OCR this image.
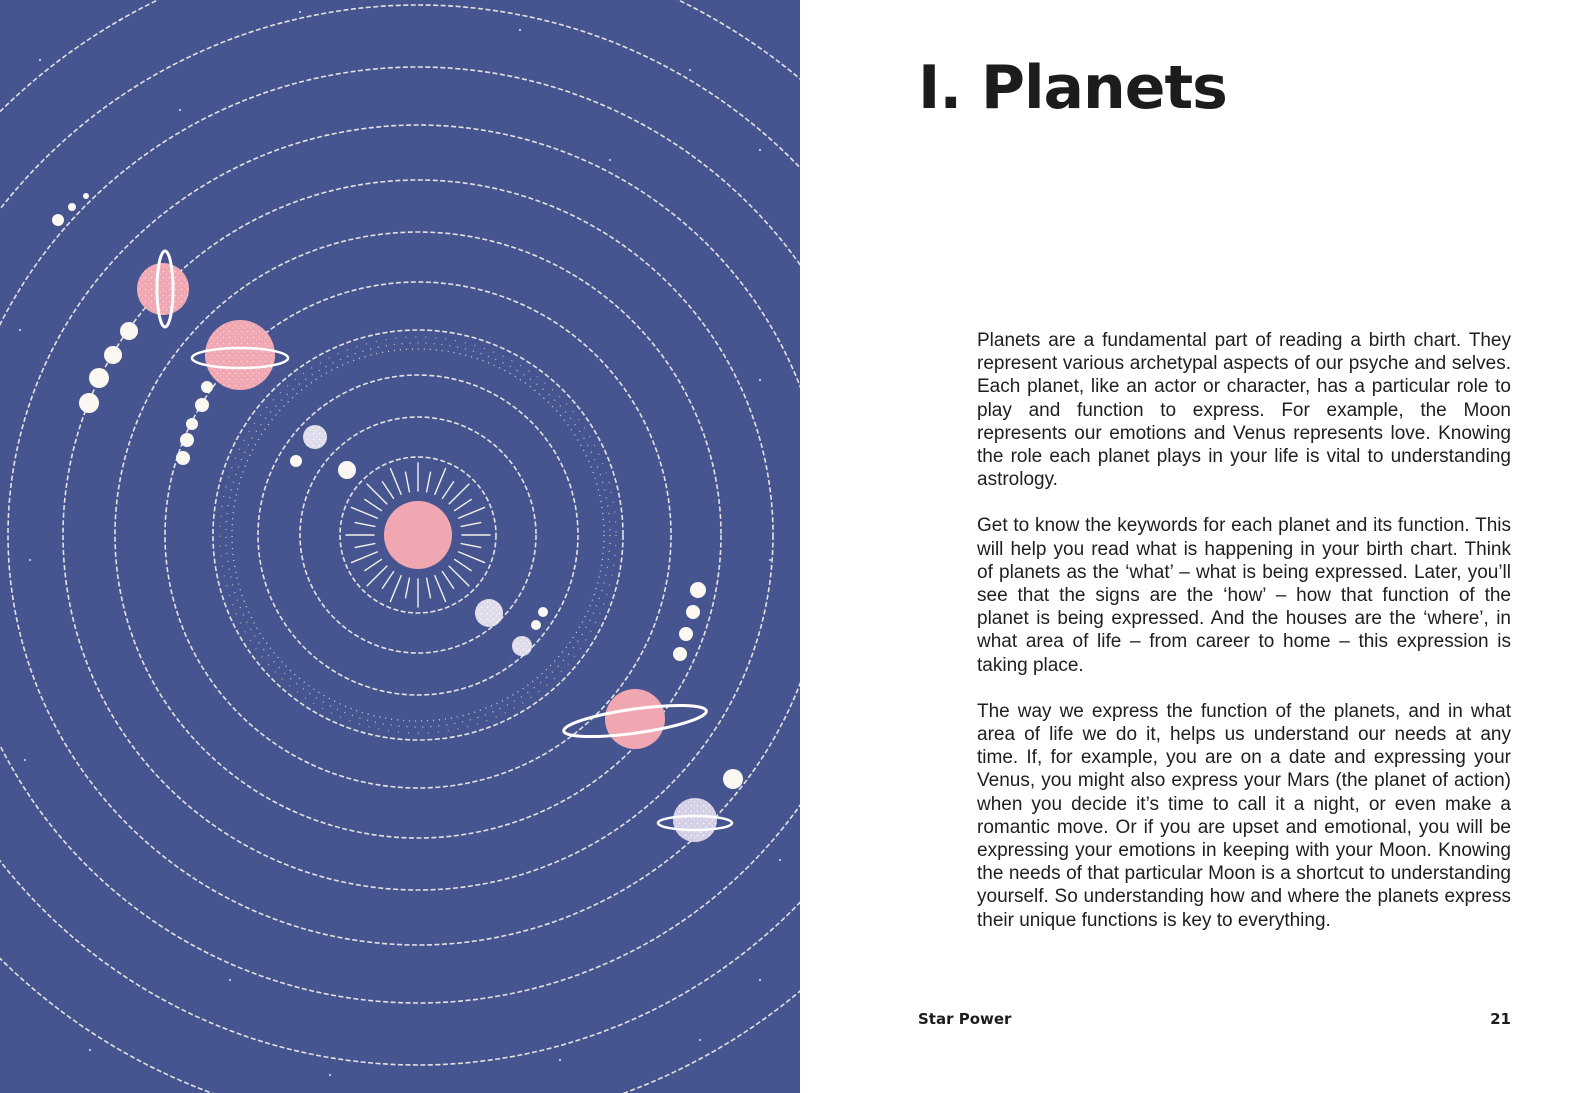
I. Planets

Planets are a fundamental part of reading a birth chart. They represent various archetypal aspects of our psyche and selves. Each planet, like an actor or character, has a particular role to play and function to express. For example, the Moon represents our emotions and Venus represents love. Knowing the role each planet plays in your life is vital to understanding astrology.

Get to know the keywords for each planet and its function. This will help you read what is happening in your birth chart. Think of planets as the ‘what’ – what is being expressed. Later, you’ll see that the signs are the ‘how’ – how that function of the planet is being expressed. And the houses are the ‘where’, in what area of life – from career to home – this expression is taking place.

The way we express the function of the planets, and in what area of life we do it, helps us understand our needs at any time. If, for example, you are on a date and expressing your Venus, you might also express your Mars (the planet of action) when you decide it’s time to call it a night, or even make a romantic move. Or if you are upset and emotional, you will be expressing your emotions in keeping with your Moon. Knowing the needs of that particular Moon is a shortcut to understanding yourself. So understanding how and where the planets express their unique functions is key to everything.

Star Power	21
